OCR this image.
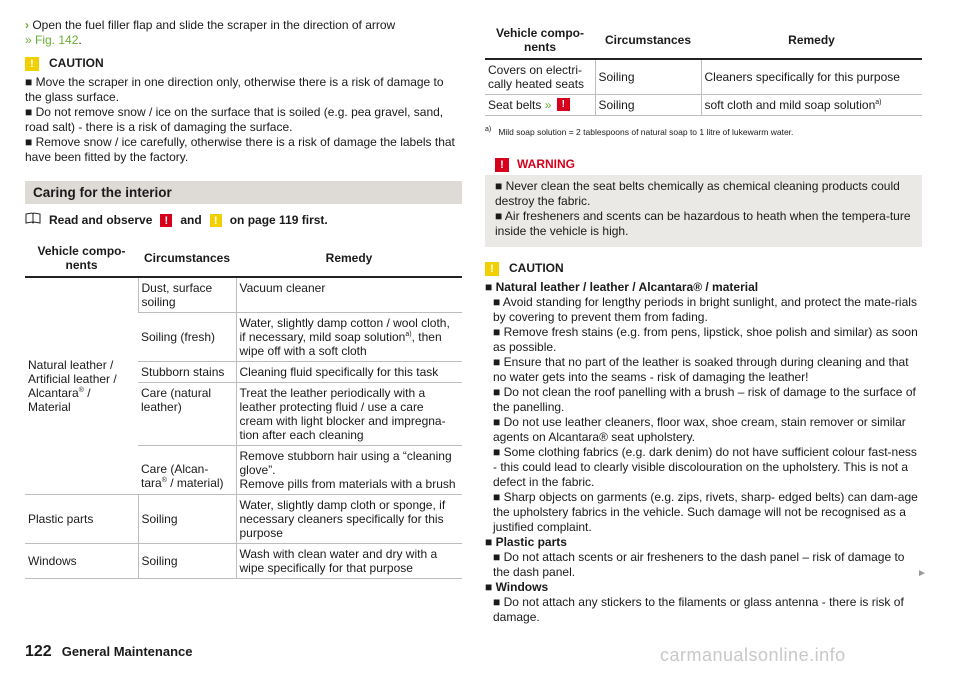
› Open the fuel filler flap and slide the scraper in the direction of arrow
» Fig. 142.

!	CAUTION

■ Move the scraper in one direction only, otherwise there is a risk of damage to the glass surface.

■ Do not remove snow / ice on the surface that is soiled (e.g. pea gravel, sand, road salt) - there is a risk of damaging the surface.

■ Remove snow / ice carefully, otherwise there is a risk of damage the labels that have been fitted by the factory.

Caring for the interior
Read and observe	!	and	!	on page 119 first.
Vehicle compo-nents	Circumstances	Remedy
Natural leather / Artificial leather / Alcantara® / Material	Dust, surface soiling	Vacuum cleaner
	Soiling (fresh)	Water, slightly damp cotton / wool cloth, if necessary, mild soap solution$^{a)}$, then wipe off with a soft cloth
	Stubborn stains	Cleaning fluid specifically for this task
	Care (natural leather)	Treat the leather periodically with a leather protecting fluid / use a care cream with light blocker and impregna-tion after each cleaning
	Care (Alcan-tara® / material)	Remove stubborn hair using a “cleaning glove”.
Remove pills from materials with a brush
Plastic parts	Soiling	Water, slightly damp cloth or sponge, if necessary cleaners specifically for this purpose
Windows	Soiling	Wash with clean water and dry with a wipe specifically for that purpose
Vehicle compo-nents	Circumstances	Remedy
Covers on electri-cally heated seats	Soiling	Cleaners specifically for this purpose
Seat belts » !	Soiling	soft cloth and mild soap solution$^{a)}$
$^{a)}$ Mild soap solution = 2 tablespoons of natural soap to 1 litre of lukewarm water.
!	WARNING

■ Never clean the seat belts chemically as chemical cleaning products could destroy the fabric.

■ Air fresheners and scents can be hazardous to heath when the tempera-ture inside the vehicle is high.

!	CAUTION

■ Natural leather / leather / Alcantara® / material

■ Avoid standing for lengthy periods in bright sunlight, and protect the mate-rials by covering to prevent them from fading.

■ Remove fresh stains (e.g. from pens, lipstick, shoe polish and similar) as soon as possible.

■ Ensure that no part of the leather is soaked through during cleaning and that no water gets into the seams - risk of damaging the leather!

■ Do not clean the roof panelling with a brush – risk of damage to the surface of the panelling.

■ Do not use leather cleaners, floor wax, shoe cream, stain remover or similar agents on Alcantara® seat upholstery.

■ Some clothing fabrics (e.g. dark denim) do not have sufficient colour fast-ness - this could lead to clearly visible discolouration on the upholstery. This is not a defect in the fabric.

■ Sharp objects on garments (e.g. zips, rivets, sharp- edged belts) can dam-age the upholstery fabrics in the vehicle. Such damage will not be recognised as a justified complaint.

■ Plastic parts

■ Do not attach scents or air fresheners to the dash panel – risk of damage to the dash panel.

■ Windows

■ Do not attach any stickers to the filaments or glass antenna - there is risk of damage.

►
122 General Maintenance	carmanualsonline.info
